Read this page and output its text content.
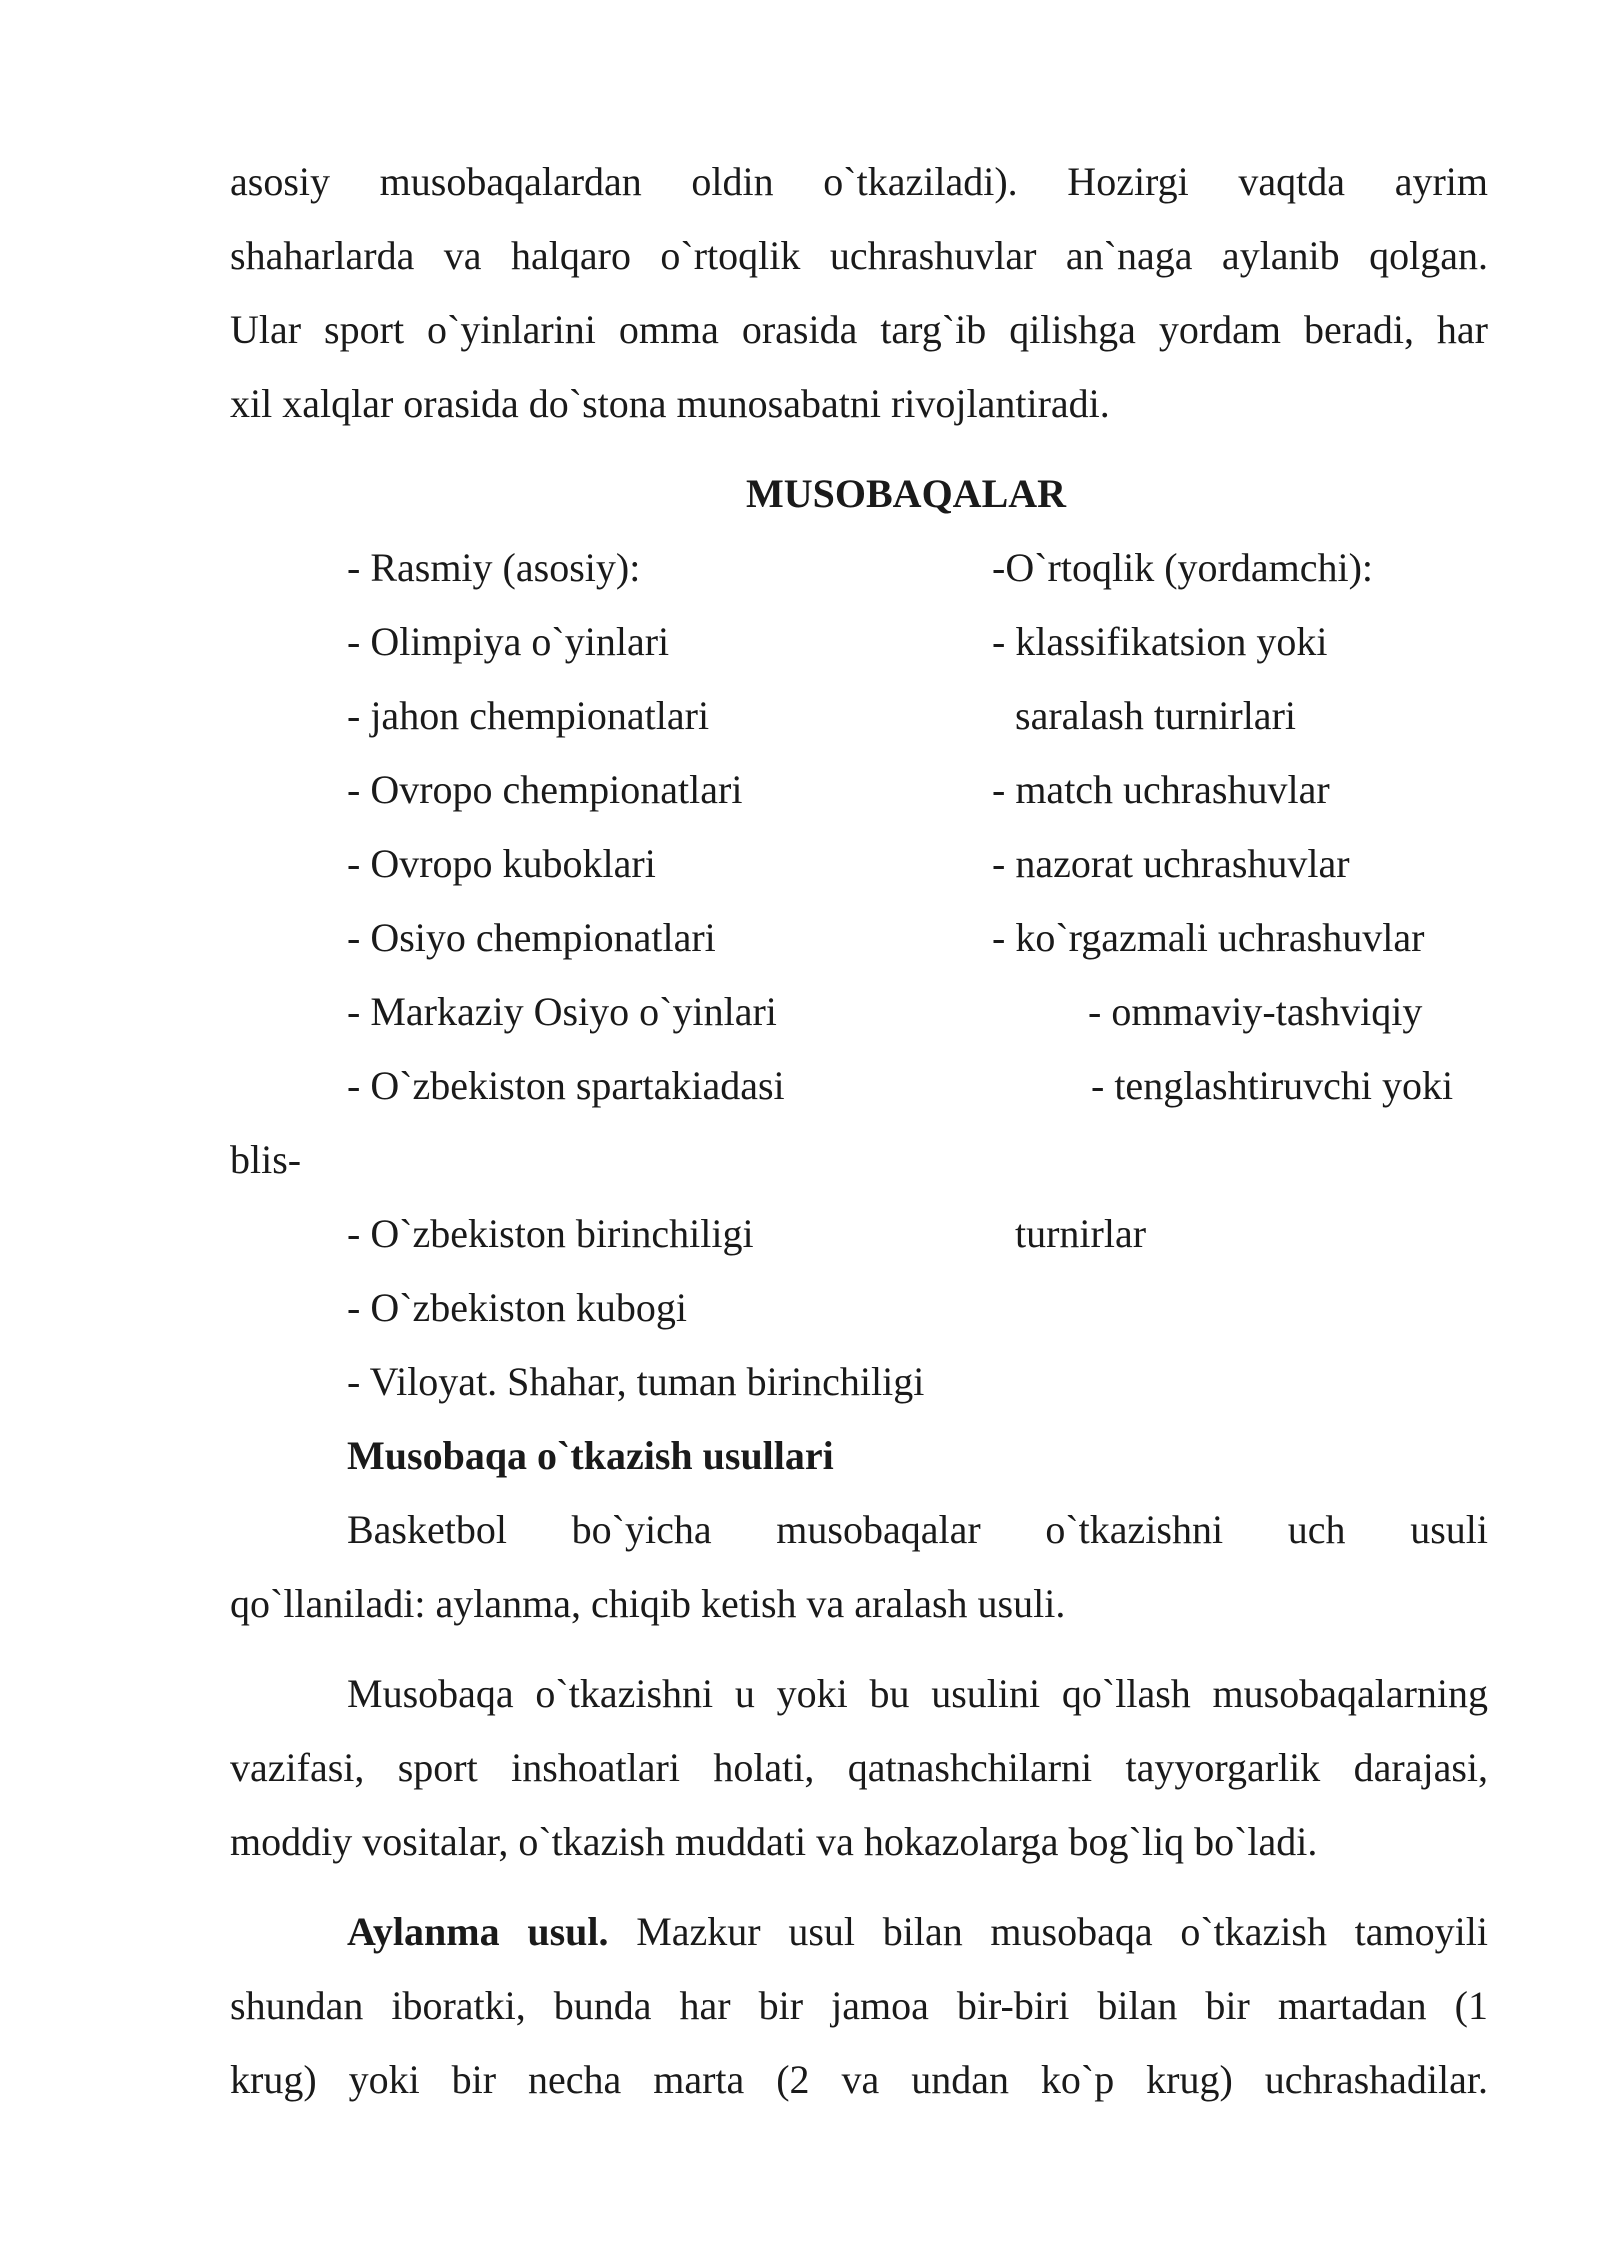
asosiy musobaqalardan oldin o`tkaziladi). Hozirgi vaqtda ayrim
shaharlarda va halqaro o`rtoqlik uchrashuvlar an`naga aylanib qolgan.
Ular sport o`yinlarini omma orasida targ`ib qilishga yordam beradi, har
xil xalqlar orasida do`stona munosabatni rivojlantiradi.
MUSOBAQALAR
- Rasmiy (asosiy):
- Olimpiya o`yinlari
- jahon chempionatlari
- Ovropo chempionatlari
- Ovropo kuboklari
- Osiyo chempionatlari
- Markaziy Osiyo o`yinlari
- O`zbekiston spartakiadasi
blis-
- O`zbekiston birinchiligi
- O`zbekiston kubogi
- Viloyat. Shahar, tuman birinchiligi
-O`rtoqlik (yordamchi):
- klassifikatsion yoki
saralash turnirlari
- match uchrashuvlar
- nazorat uchrashuvlar
- ko`rgazmali uchrashuvlar
- ommaviy-tashviqiy
- tenglashtiruvchi yoki
turnirlar
Musobaqa o`tkazish usullari
Basketbol bo`yicha musobaqalar o`tkazishni uch usuli
qo`llaniladi: aylanma, chiqib ketish va aralash usuli.
Musobaqa o`tkazishni u yoki bu usulini qo`llash musobaqalarning
vazifasi, sport inshoatlari holati, qatnashchilarni tayyorgarlik darajasi,
moddiy vositalar, o`tkazish muddati va hokazolarga bog`liq bo`ladi.
Aylanma usul. Mazkur usul bilan musobaqa o`tkazish tamoyili
shundan iboratki, bunda har bir jamoa bir-biri bilan bir martadan (1
krug) yoki bir necha marta (2 va undan ko`p krug) uchrashadilar.
